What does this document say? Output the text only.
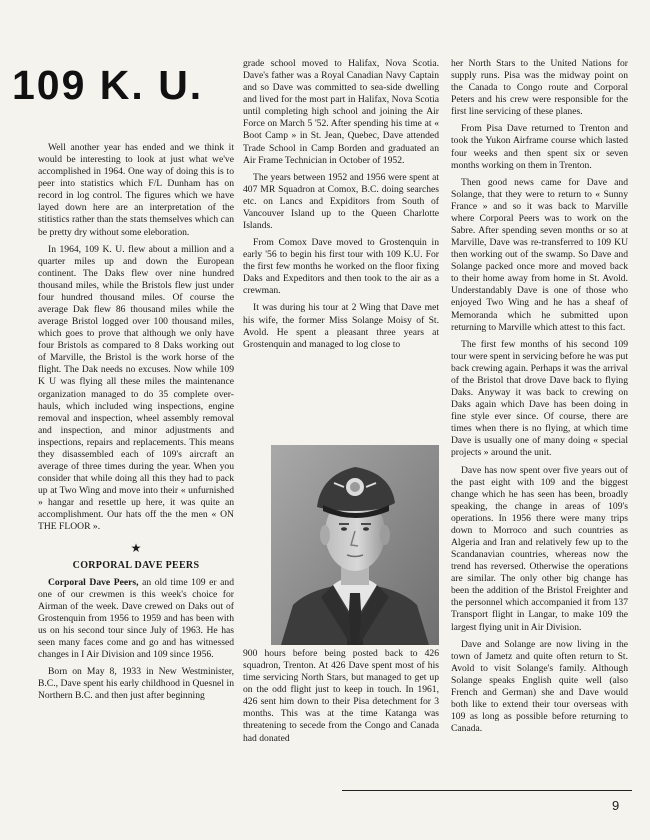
109 K. U.

Well another year has ended and we think it would be interesting to look at just what we've accomplished in 1964. One way of doing this is to peer into statistics which F/L Dunham has on record in log control. The figures which we have layed down here are an interpretation of the stitistics rather than the stats themselves which can be pretty dry without some eleboration.

In 1964, 109 K. U. flew about a million and a quarter miles up and down the European continent. The Daks flew over nine hundred thousand miles, while the Bristols flew just under four hundred thousand miles. Of course the average Dak flew 86 thousand miles while the average Bristol logged over 100 thousand miles, which goes to prove that although we only have four Bristols as compared to 8 Daks working out of Marville, the Bristol is the work horse of the flight. The Dak needs no excuses. Now while 109 K U was flying all these miles the maintenance organization managed to do 35 complete over-hauls, which included wing inspections, engine removal and inspection, wheel assembly removal and inspection, and minor adjustments and inspections, repairs and replacements. This means they disassembled each of 109's aircraft an average of three times during the year. When you consider that while doing all this they had to pack up at Two Wing and move into their « unfurnished » hangar and resettle up here, it was quite an accomplishment. Our hats off the the men « ON THE FLOOR ».

★
CORPORAL DAVE PEERS

Corporal Dave Peers, an old time 109 er and one of our crewmen is this week's choice for Airman of the week. Dave crewed on Daks out of Grostenquin from 1956 to 1959 and has been with us on his second tour since July of 1963. He has seen many faces come and go and has witnessed changes in I Air Division and 109 since 1956.

Born on May 8, 1933 in New Westminister, B.C., Dave spent his early childhood in Quesnel in Northern B.C. and then just after beginning

grade school moved to Halifax, Nova Scotia. Dave's father was a Royal Canadian Navy Captain and so Dave was committed to sea-side dwelling and lived for the most part in Halifax, Nova Scotia until completing high school and joining the Air Force on March 5 '52. After spending his time at « Boot Camp » in St. Jean, Quebec, Dave attended Trade School in Camp Borden and graduated an Air Frame Technician in October of 1952.

The years between 1952 and 1956 were spent at 407 MR Squadron at Comox, B.C. doing searches etc. on Lancs and Expiditors from South of Vancouver Island up to the Queen Charlotte Islands.

From Comox Dave moved to Grostenquin in early '56 to begin his first tour with 109 K.U. For the first few months he worked on the floor fixing Daks and Expeditors and then took to the air as a crewman.

It was during his tour at 2 Wing that Dave met his wife, the former Miss Solange Moisy of St. Avold. He spent a pleasant three years at Grostenquin and managed to log close to

900 hours before being posted back to 426 squadron, Trenton. At 426 Dave spent most of his time servicing North Stars, but managed to get up on the odd flight just to keep in touch. In 1961, 426 sent him down to their Pisa detechment for 3 months. This was at the time Katanga was threatening to secede from the Congo and Canada had donated

her North Stars to the United Nations for supply runs. Pisa was the midway point on the Canada to Congo route and Corporal Peters and his crew were responsible for the first line servicing of these planes.

From Pisa Dave returned to Trenton and took the Yukon Airframe course which lasted four weeks and then spent six or seven months working on them in Trenton.

Then good news came for Dave and Solange, that they were to return to « Sunny France » and so it was back to Marville where Corporal Peers was to work on the Sabre. After spending seven months or so at Marville, Dave was re-transferred to 109 KU then working out of the swamp. So Dave and Solange packed once more and moved back to their home away from home in St. Avold. Understandably Dave is one of those who enjoyed Two Wing and he has a sheaf of Memoranda which he submitted upon returning to Marville which attest to this fact.

The first few months of his second 109 tour were spent in servicing before he was put back crewing again. Perhaps it was the arrival of the Bristol that drove Dave back to flying Daks. Anyway it was back to crewing on Daks again which Dave has been doing in fine style ever since. Of course, there are times when there is no flying, at which time Dave is usually one of many doing « special projects » around the unit.

Dave has now spent over five years out of the past eight with 109 and the biggest change which he has seen has been, broadly speaking, the change in areas of 109's operations. In 1956 there were many trips down to Morroco and such countries as Algeria and Iran and relatively few up to the Scandanavian countries, whereas now the trend has reversed. Otherwise the operations are similar. The only other big change has been the addition of the Bristol Freighter and the personnel which accompanied it from 137 Transport flight in Langar, to make 109 the largest flying unit in Air Division.

Dave and Solange are now living in the town of Jametz and quite often return to St. Avold to visit Solange's family. Although Solange speaks English quite well (also French and German) she and Dave would both like to extend their tour overseas with 109 as long as possible before returning to Canada.

9
